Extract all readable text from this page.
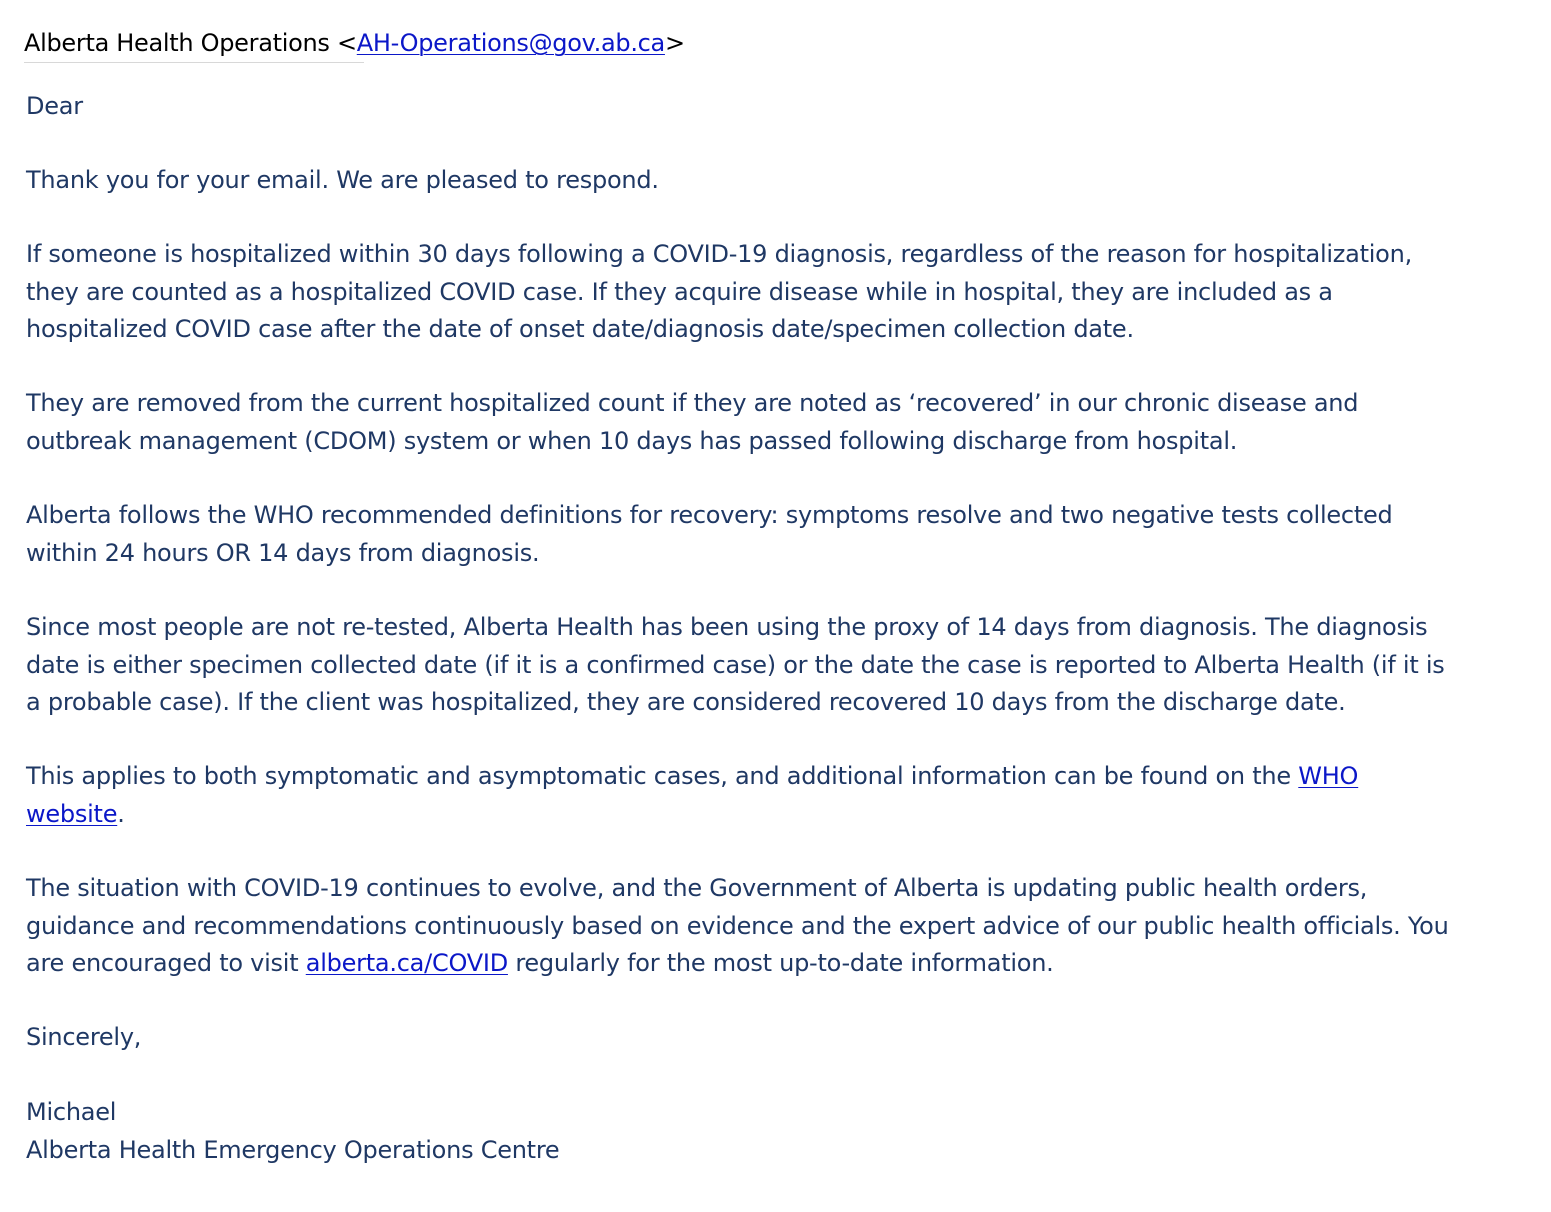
Alberta Health Operations <AH-Operations@gov.ab.ca>

Dear

Thank you for your email. We are pleased to respond.

If someone is hospitalized within 30 days following a COVID-19 diagnosis, regardless of the reason for hospitalization,
they are counted as a hospitalized COVID case. If they acquire disease while in hospital, they are included as a
hospitalized COVID case after the date of onset date/diagnosis date/specimen collection date.

They are removed from the current hospitalized count if they are noted as ‘recovered’ in our chronic disease and
outbreak management (CDOM) system or when 10 days has passed following discharge from hospital.

Alberta follows the WHO recommended definitions for recovery: symptoms resolve and two negative tests collected
within 24 hours OR 14 days from diagnosis.

Since most people are not re-tested, Alberta Health has been using the proxy of 14 days from diagnosis. The diagnosis
date is either specimen collected date (if it is a confirmed case) or the date the case is reported to Alberta Health (if it is
a probable case). If the client was hospitalized, they are considered recovered 10 days from the discharge date.

This applies to both symptomatic and asymptomatic cases, and additional information can be found on the WHO
website.

The situation with COVID-19 continues to evolve, and the Government of Alberta is updating public health orders,
guidance and recommendations continuously based on evidence and the expert advice of our public health officials. You
are encouraged to visit alberta.ca/COVID regularly for the most up-to-date information.

Sincerely,

Michael
Alberta Health Emergency Operations Centre
